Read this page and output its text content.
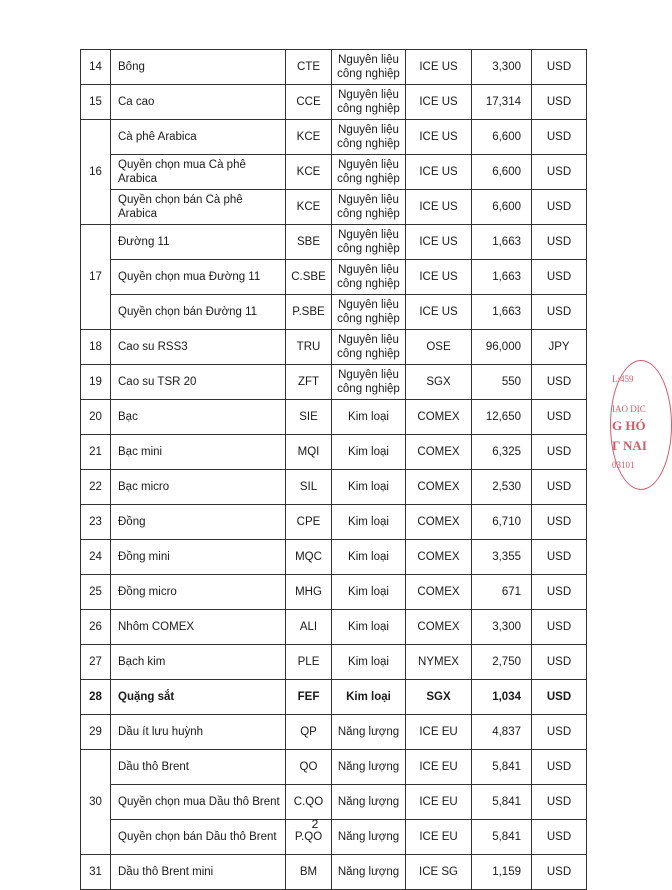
14	Bông	CTE	Nguyên liệu công nghiệp	ICE US	3,300	USD
15	Ca cao	CCE	Nguyên liệu công nghiệp	ICE US	17,314	USD
16	Cà phê Arabica	KCE	Nguyên liệu công nghiệp	ICE US	6,600	USD
	Quyền chọn mua Cà phê Arabica	KCE	Nguyên liệu công nghiệp	ICE US	6,600	USD
	Quyền chọn bán Cà phê Arabica	KCE	Nguyên liệu công nghiệp	ICE US	6,600	USD
17	Đường 11	SBE	Nguyên liệu công nghiệp	ICE US	1,663	USD
	Quyền chọn mua Đường 11	C.SBE	Nguyên liệu công nghiệp	ICE US	1,663	USD
	Quyền chọn bán Đường 11	P.SBE	Nguyên liệu công nghiệp	ICE US	1,663	USD
18	Cao su RSS3	TRU	Nguyên liệu công nghiệp	OSE	96,000	JPY
19	Cao su TSR 20	ZFT	Nguyên liệu công nghiệp	SGX	550	USD
20	Bạc	SIE	Kim loại	COMEX	12,650	USD
21	Bạc mini	MQI	Kim loại	COMEX	6,325	USD
22	Bạc micro	SIL	Kim loại	COMEX	2,530	USD
23	Đồng	CPE	Kim loại	COMEX	6,710	USD
24	Đồng mini	MQC	Kim loại	COMEX	3,355	USD
25	Đồng micro	MHG	Kim loại	COMEX	671	USD
26	Nhôm COMEX	ALI	Kim loại	COMEX	3,300	USD
27	Bạch kim	PLE	Kim loại	NYMEX	2,750	USD
28	Quặng sắt	FEF	Kim loại	SGX	1,034	USD
29	Dầu ít lưu huỳnh	QP	Năng lượng	ICE EU	4,837	USD
30	Dầu thô Brent	QO	Năng lượng	ICE EU	5,841	USD
	Quyền chọn mua Dầu thô Brent	C.QO	Năng lượng	ICE EU	5,841	USD
	Quyền chọn bán Dầu thô Brent	P.QO	Năng lượng	ICE EU	5,841	USD
31	Dầu thô Brent mini	BM	Năng lượng	ICE SG	1,159	USD
2
L:459
IAO DỊC
G HÓ
Γ NAI
03101
